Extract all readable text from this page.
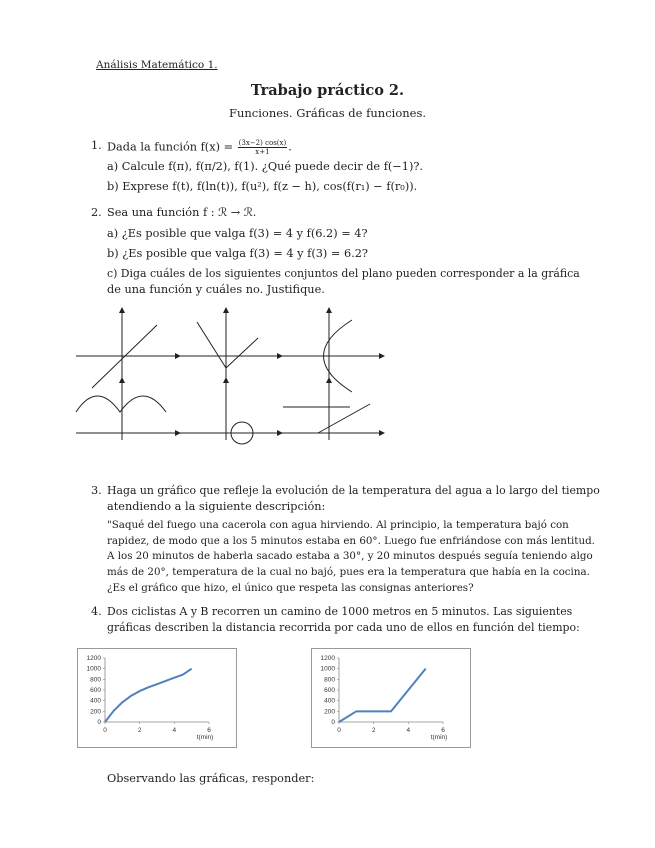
Análisis Matemático 1.
Trabajo práctico 2.
Funciones. Gráficas de funciones.
1. Dada la función $f(x) = \frac{(3x-2) \cos(x)}{x+1}$ .
a) Calcule f(π), f(π/2), f(1). ¿Qué puede decir de f(−1)?.
b) Exprese f(t), f(ln(t)), f(u²), f(z − h), cos(f(r₁) − f(r₀)).
2. Sea una función f : ℛ → ℛ.
a) ¿Es posible que valga f(3) = 4 y f(6.2) = 4?
b) ¿Es posible que valga f(3) = 4 y f(3) = 6.2?
c) Diga cuáles de los siguientes conjuntos del plano pueden corresponder a la gráfica
de una función y cuáles no. Justifique.
3. Haga un gráfico que refleje la evolución de la temperatura del agua a lo largo del tiempo
atendiendo a la siguiente descripción:
"Saqué del fuego una cacerola con agua hirviendo. Al principio, la temperatura bajó con
rapidez, de modo que a los 5 minutos estaba en 60°. Luego fue enfriándose con más lentitud.
A los 20 minutos de haberla sacado estaba a 30°, y 20 minutos después seguía teniendo algo
más de 20°, temperatura de la cual no bajó, pues era la temperatura que había en la cocina.
¿Es el gráfico que hizo, el único que respeta las consignas anteriores?
4. Dos ciclistas A y B recorren un camino de 1000 metros en 5 minutos. Las siguientes
gráficas describen la distancia recorrida por cada uno de ellos en función del tiempo:
0
200
400
600
800
1000
1200
0	2	4	6
t(min)
0
200
400
600
800
1000
1200
0	2	4	6
t(min)
Observando las gráficas, responder:
